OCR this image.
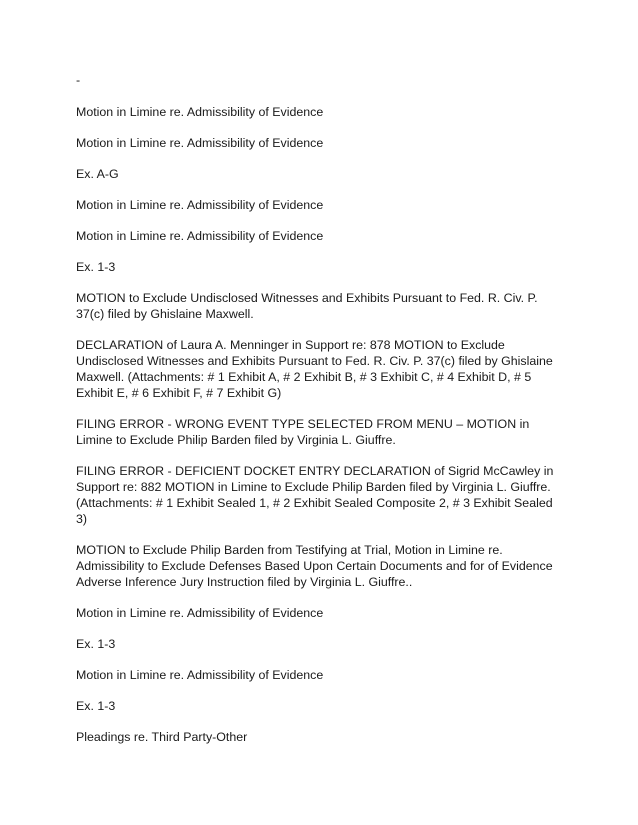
-

Motion in Limine re. Admissibility of Evidence

Motion in Limine re. Admissibility of Evidence

Ex. A-G

Motion in Limine re. Admissibility of Evidence

Motion in Limine re. Admissibility of Evidence

Ex. 1-3

MOTION to Exclude Undisclosed Witnesses and Exhibits Pursuant to Fed. R. Civ. P. 37(c) filed by Ghislaine Maxwell.

DECLARATION of Laura A. Menninger in Support re: 878 MOTION to Exclude Undisclosed Witnesses and Exhibits Pursuant to Fed. R. Civ. P. 37(c) filed by Ghislaine Maxwell. (Attachments: # 1 Exhibit A, # 2 Exhibit B, # 3 Exhibit C, # 4 Exhibit D, # 5 Exhibit E, # 6 Exhibit F, # 7 Exhibit G)

FILING ERROR - WRONG EVENT TYPE SELECTED FROM MENU – MOTION in Limine to Exclude Philip Barden filed by Virginia L. Giuffre.

FILING ERROR - DEFICIENT DOCKET ENTRY DECLARATION of Sigrid McCawley in Support re: 882 MOTION in Limine to Exclude Philip Barden filed by Virginia L. Giuffre. (Attachments: # 1 Exhibit Sealed 1, # 2 Exhibit Sealed Composite 2, # 3 Exhibit Sealed 3)

MOTION to Exclude Philip Barden from Testifying at Trial, Motion in Limine re. Admissibility to Exclude Defenses Based Upon Certain Documents and for of Evidence Adverse Inference Jury Instruction filed by Virginia L. Giuffre..

Motion in Limine re. Admissibility of Evidence

Ex. 1-3

Motion in Limine re. Admissibility of Evidence

Ex. 1-3

Pleadings re. Third Party-Other
